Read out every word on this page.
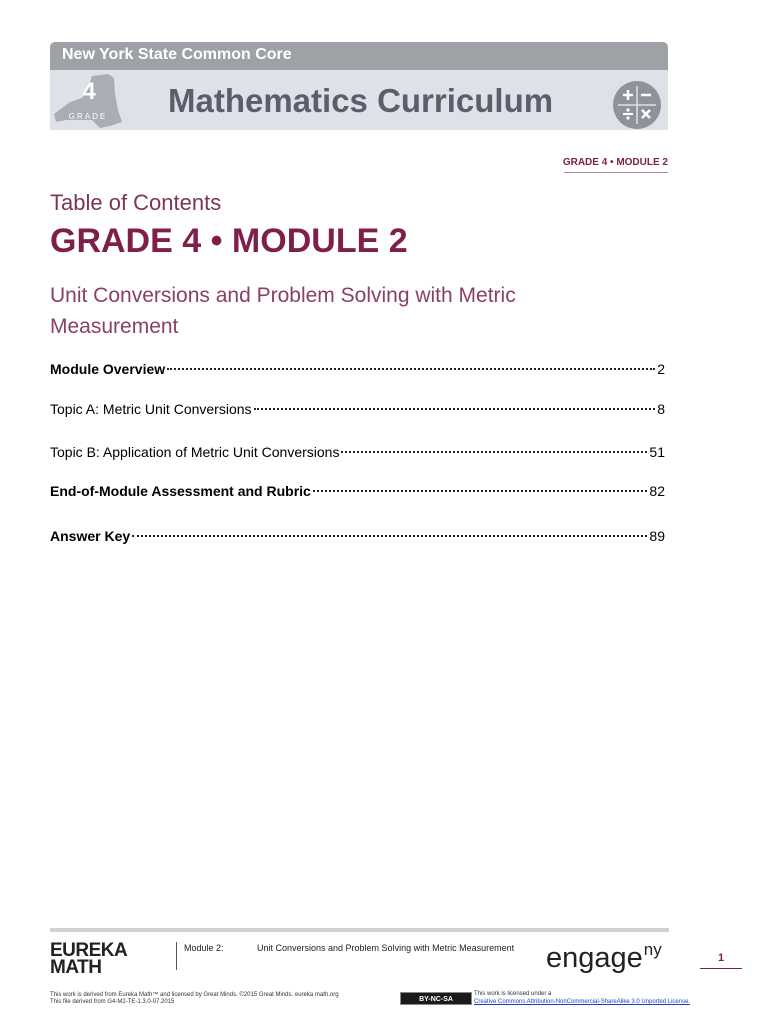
New York State Common Core
4
GRADE Mathematics Curriculum
GRADE 4 • MODULE 2
Table of Contents
GRADE 4 • MODULE 2
Unit Conversions and Problem Solving with Metric Measurement
Module Overview	2
Topic A: Metric Unit Conversions	8
Topic B: Application of Metric Unit Conversions	51
End-of-Module Assessment and Rubric	82
Answer Key	89
EUREKA
MATH
Module 2:	Unit Conversions and Problem Solving with Metric Measurement engage$^{ny}$	1
This work is derived from Eureka Math™ and licensed by Great Minds. ©2015 Great Minds. eureka math.org
This file derived from G4-M2-TE-1.3.0-07.2015	BY-NC-SA
This work is licensed under a
Creative Commons Attribution-NonCommercial-ShareAlike 3.0 Unported License.
